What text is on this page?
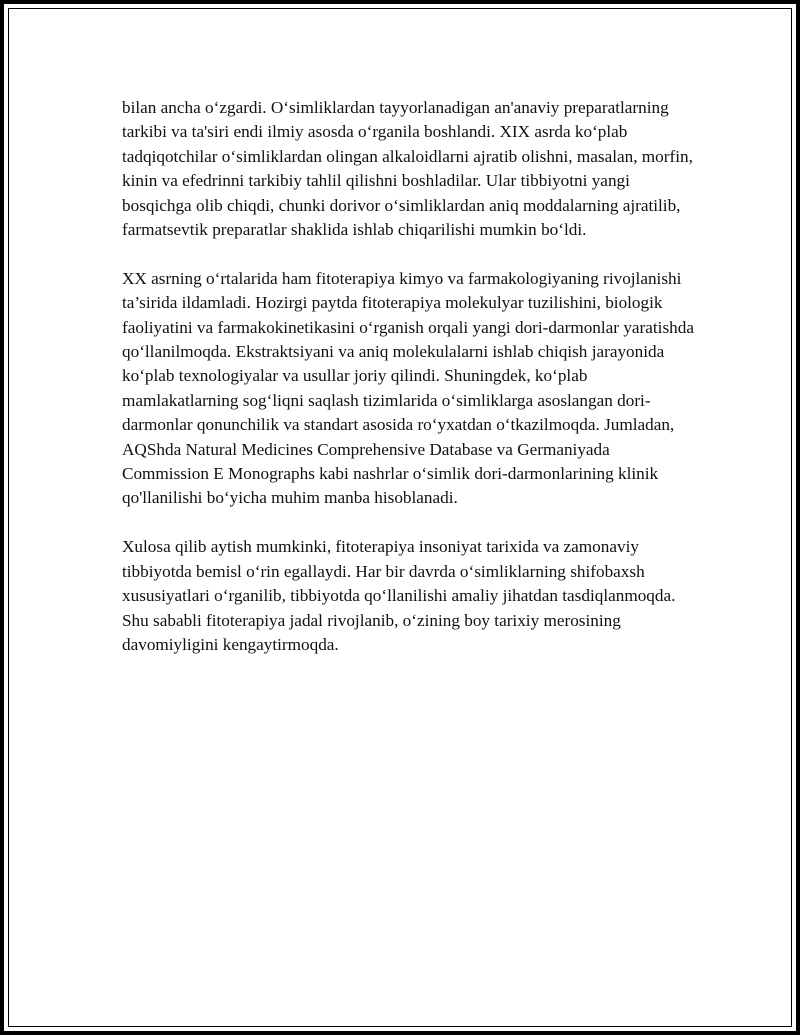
bilan ancha o‘zgardi. O‘simliklardan tayyorlanadigan an'anaviy preparatlarning tarkibi va ta'siri endi ilmiy asosda o‘rganila boshlandi. XIX asrda ko‘plab tadqiqotchilar o‘simliklardan olingan alkaloidlarni ajratib olishni, masalan, morfin, kinin va efedrinni tarkibiy tahlil qilishni boshladilar. Ular tibbiyotni yangi bosqichga olib chiqdi, chunki dorivor o‘simliklardan aniq moddalarning ajratilib, farmatsevtik preparatlar shaklida ishlab chiqarilishi mumkin bo‘ldi.

XX asrning o‘rtalarida ham fitoterapiya kimyo va farmakologiyaning rivojlanishi ta’sirida ildamladi. Hozirgi paytda fitoterapiya molekulyar tuzilishini, biologik faoliyatini va farmakokinetikasini o‘rganish orqali yangi dori-darmonlar yaratishda qo‘llanilmoqda. Ekstraktsiyani va aniq molekulalarni ishlab chiqish jarayonida ko‘plab texnologiyalar va usullar joriy qilindi. Shuningdek, ko‘plab mamlakatlarning sog‘liqni saqlash tizimlarida o‘simliklarga asoslangan dori-darmonlar qonunchilik va standart asosida ro‘yxatdan o‘tkazilmoqda. Jumladan, AQShda Natural Medicines Comprehensive Database va Germaniyada Commission E Monographs kabi nashrlar o‘simlik dori-darmonlarining klinik qo'llanilishi bo‘yicha muhim manba hisoblanadi.

Xulosa qilib aytish mumkinki, fitoterapiya insoniyat tarixida va zamonaviy tibbiyotda bemisl o‘rin egallaydi. Har bir davrda o‘simliklarning shifobaxsh xususiyatlari o‘rganilib, tibbiyotda qo‘llanilishi amaliy jihatdan tasdiqlanmoqda. Shu sababli fitoterapiya jadal rivojlanib, o‘zining boy tarixiy merosining davomiyligini kengaytirmoqda.
